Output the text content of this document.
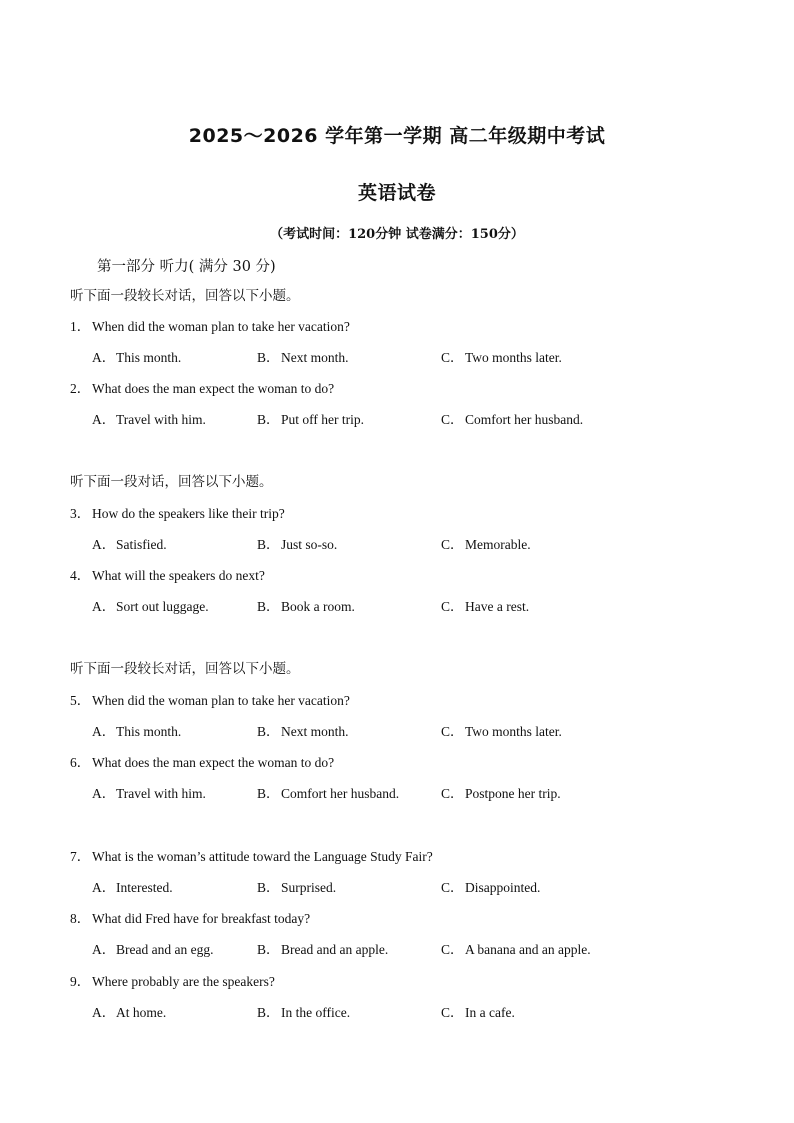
2025～2026 学年第一学期 高二年级期中考试
英语试卷
（考试时间：120分钟 试卷满分：150分）
第一部分 听力( 满分 30 分)
听下面一段较长对话，回答以下小题。
1． When did the woman plan to take her vacation?
A．This month.	B．Next month.	C．Two months later.
2． What does the man expect the woman to do?
A．Travel with him.	B．Put off her trip.	C．Comfort her husband.
听下面一段对话，回答以下小题。
3． How do the speakers like their trip?
A．Satisfied.	B．Just so-so.	C．Memorable.
4． What will the speakers do next?
A．Sort out luggage.	B．Book a room.	C．Have a rest.
听下面一段较长对话，回答以下小题。
5． When did the woman plan to take her vacation?
A．This month.	B．Next month.	C．Two months later.
6． What does the man expect the woman to do?
A．Travel with him.	B．Comfort her husband.	C．Postpone her trip.
7． What is the woman’s attitude toward the Language Study Fair?
A．Interested.	B．Surprised.	C．Disappointed.
8． What did Fred have for breakfast today?
A．Bread and an egg.	B．Bread and an apple.	C．A banana and an apple.
9． Where probably are the speakers?
A．At home.	B．In the office.	C．In a cafe.
